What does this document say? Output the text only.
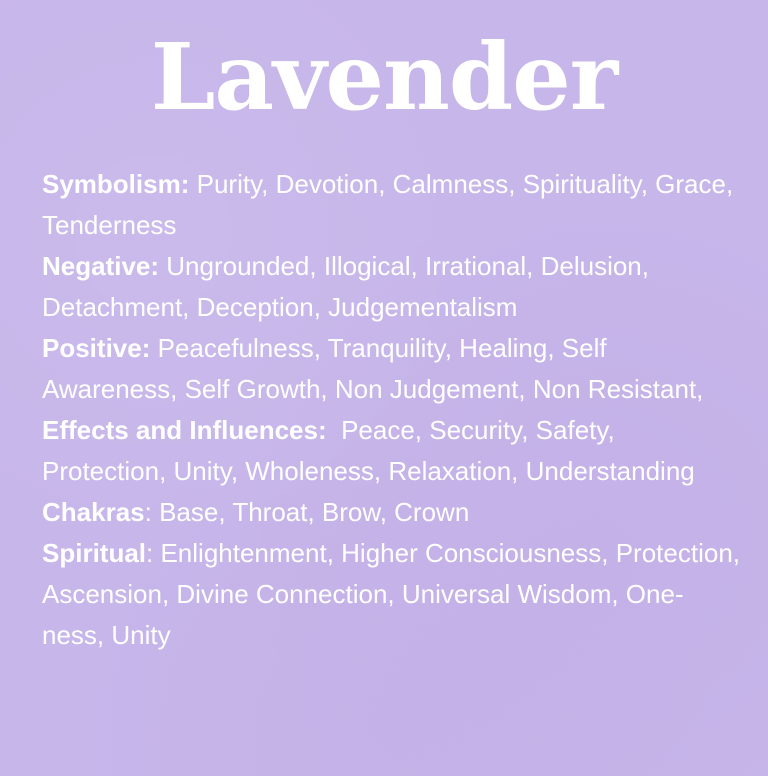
Lavender

Symbolism: Purity, Devotion, Calmness, Spirituality, Grace, Tenderness

Negative: Ungrounded, Illogical, Irrational, Delusion, Detachment, Deception, Judgementalism

Positive: Peacefulness, Tranquility, Healing, Self Awareness, Self Growth, Non Judgement, Non Resistant,

Effects and Influences: Peace, Security, Safety, Protection, Unity, Wholeness, Relaxation, Understanding

Chakras: Base, Throat, Brow, Crown

Spiritual: Enlightenment, Higher Consciousness, Protection, Ascension, Divine Connection, Universal Wisdom, One-ness, Unity
